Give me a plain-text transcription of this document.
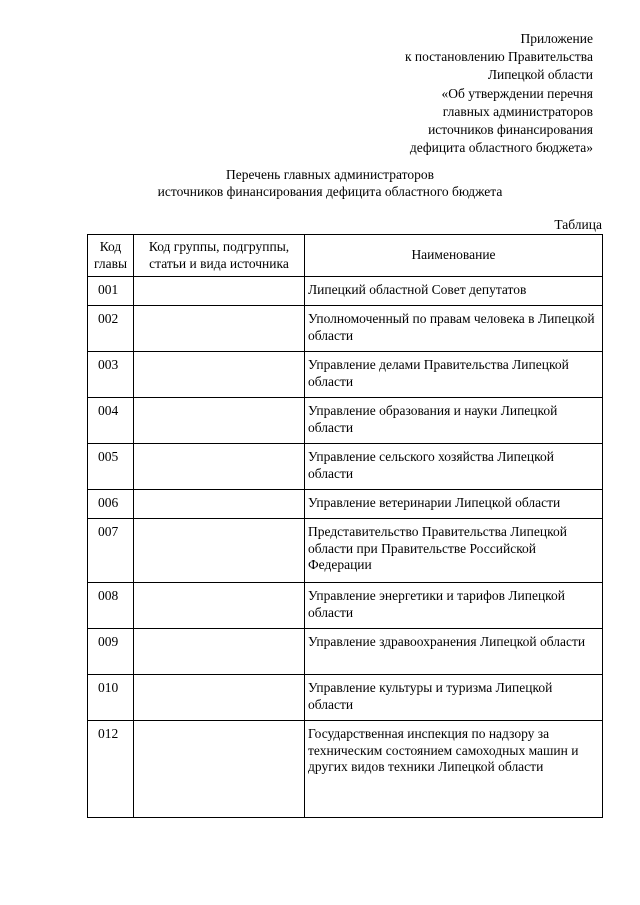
Приложение
к постановлению Правительства
Липецкой области
«Об утверждении перечня
главных администраторов
источников финансирования
дефицита областного бюджета»
Перечень главных администраторов
источников финансирования дефицита областного бюджета
Таблица
Код главы	Код группы, подгруппы, статьи и вида источника	Наименование
001		Липецкий областной Совет депутатов
002		Уполномоченный по правам человека в Липецкой области
003		Управление делами Правительства Липецкой области
004		Управление образования и науки Липецкой области
005		Управление сельского хозяйства Липецкой области
006		Управление ветеринарии Липецкой области
007		Представительство Правительства Липецкой области при Правительстве Российской Федерации
008		Управление энергетики и тарифов Липецкой области
009		Управление здравоохранения Липецкой области
010		Управление культуры и туризма Липецкой области
012		Государственная инспекция по надзору за техническим состоянием самоходных машин и других видов техники Липецкой области
